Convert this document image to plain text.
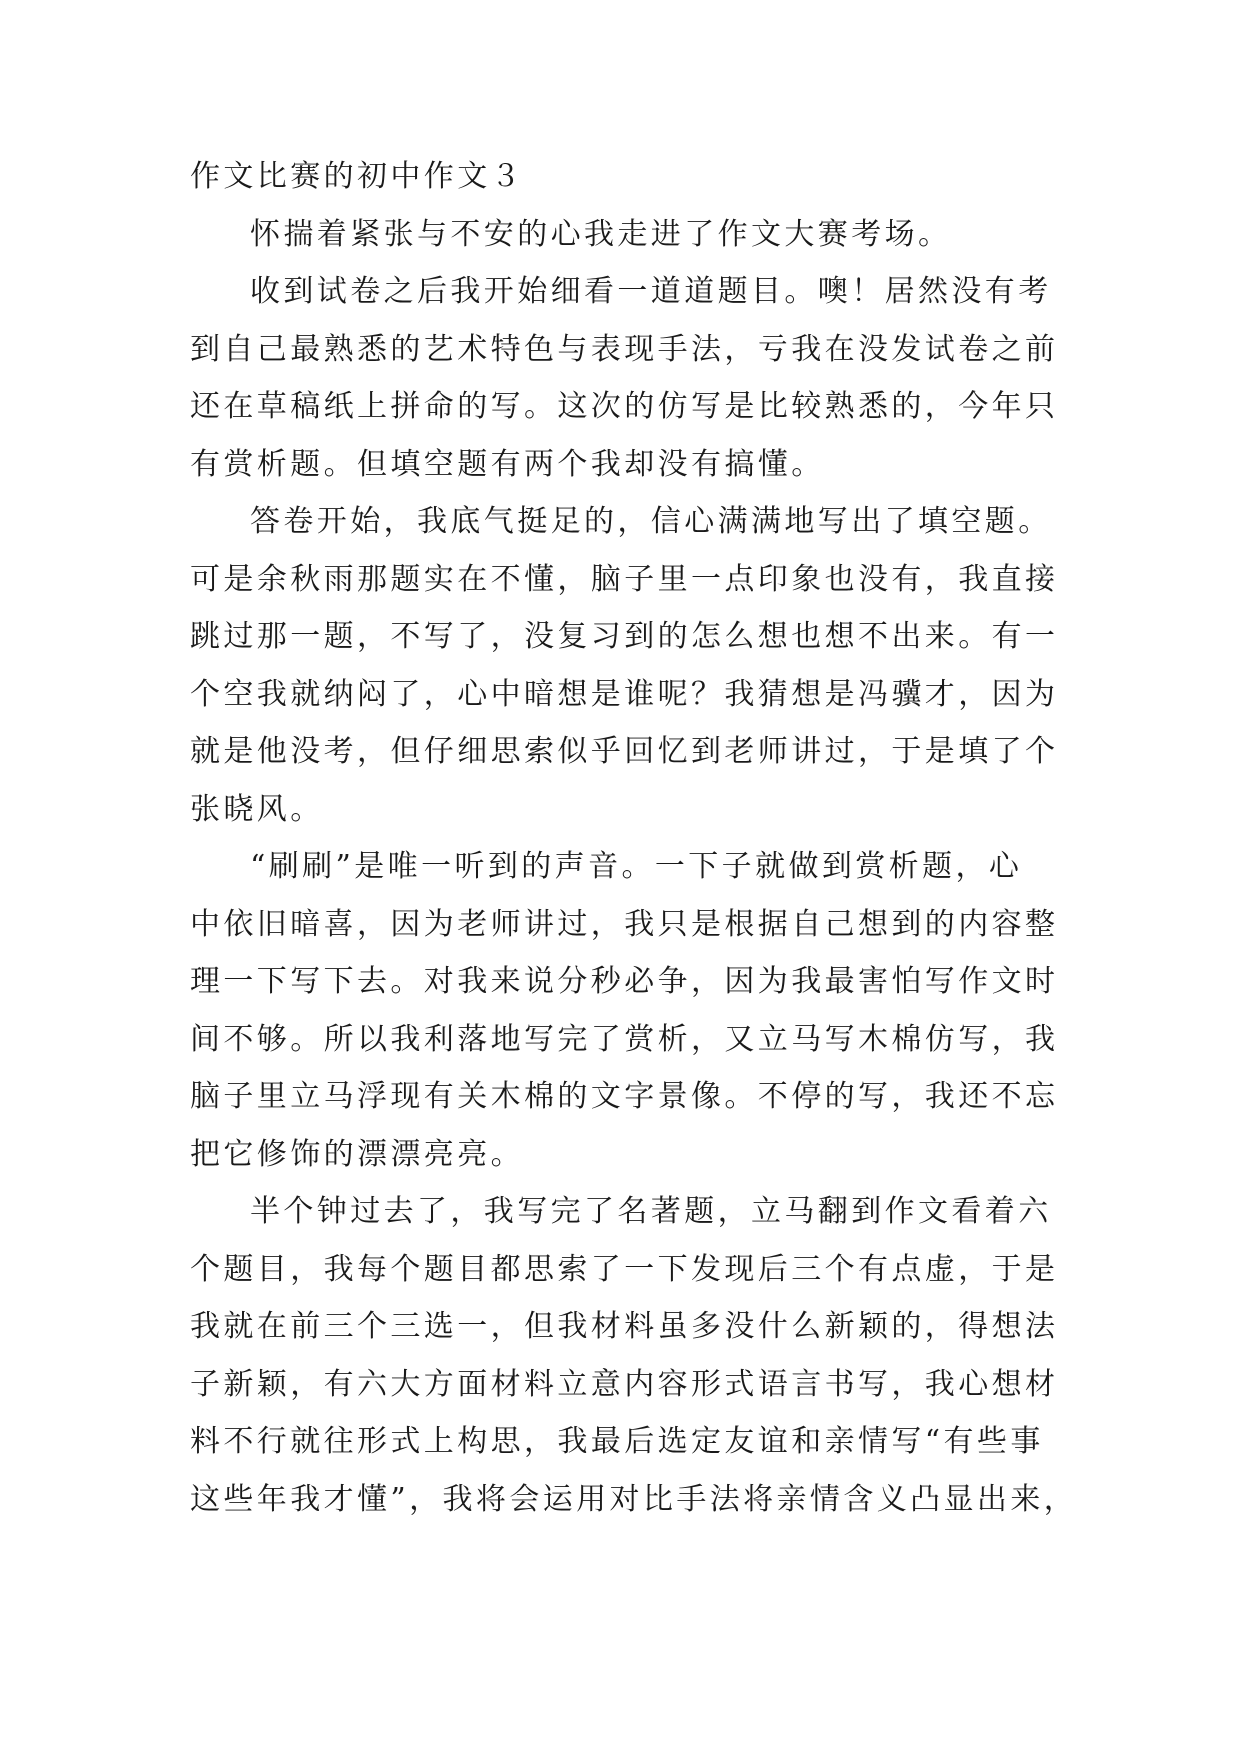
作文比赛的初中作文３

怀揣着紧张与不安的心我走进了作文大赛考场。

收到试卷之后我开始细看一道道题目。噢！居然没有考
到自己最熟悉的艺术特色与表现手法，亏我在没发试卷之前
还在草稿纸上拼命的写。这次的仿写是比较熟悉的，今年只
有赏析题。但填空题有两个我却没有搞懂。

答卷开始，我底气挺足的，信心满满地写出了填空题。
可是余秋雨那题实在不懂，脑子里一点印象也没有，我直接
跳过那一题，不写了，没复习到的怎么想也想不出来。有一
个空我就纳闷了，心中暗想是谁呢？我猜想是冯骥才，因为
就是他没考，但仔细思索似乎回忆到老师讲过，于是填了个
张晓风。

“刷刷”是唯一听到的声音。一下子就做到赏析题，心
中依旧暗喜，因为老师讲过，我只是根据自己想到的内容整
理一下写下去。对我来说分秒必争，因为我最害怕写作文时
间不够。所以我利落地写完了赏析，又立马写木棉仿写，我
脑子里立马浮现有关木棉的文字景像。不停的写，我还不忘
把它修饰的漂漂亮亮。

半个钟过去了，我写完了名著题，立马翻到作文看着六
个题目，我每个题目都思索了一下发现后三个有点虚，于是
我就在前三个三选一，但我材料虽多没什么新颖的，得想法
子新颖，有六大方面材料立意内容形式语言书写，我心想材
料不行就往形式上构思，我最后选定友谊和亲情写“有些事
这些年我才懂”，我将会运用对比手法将亲情含义凸显出来，
